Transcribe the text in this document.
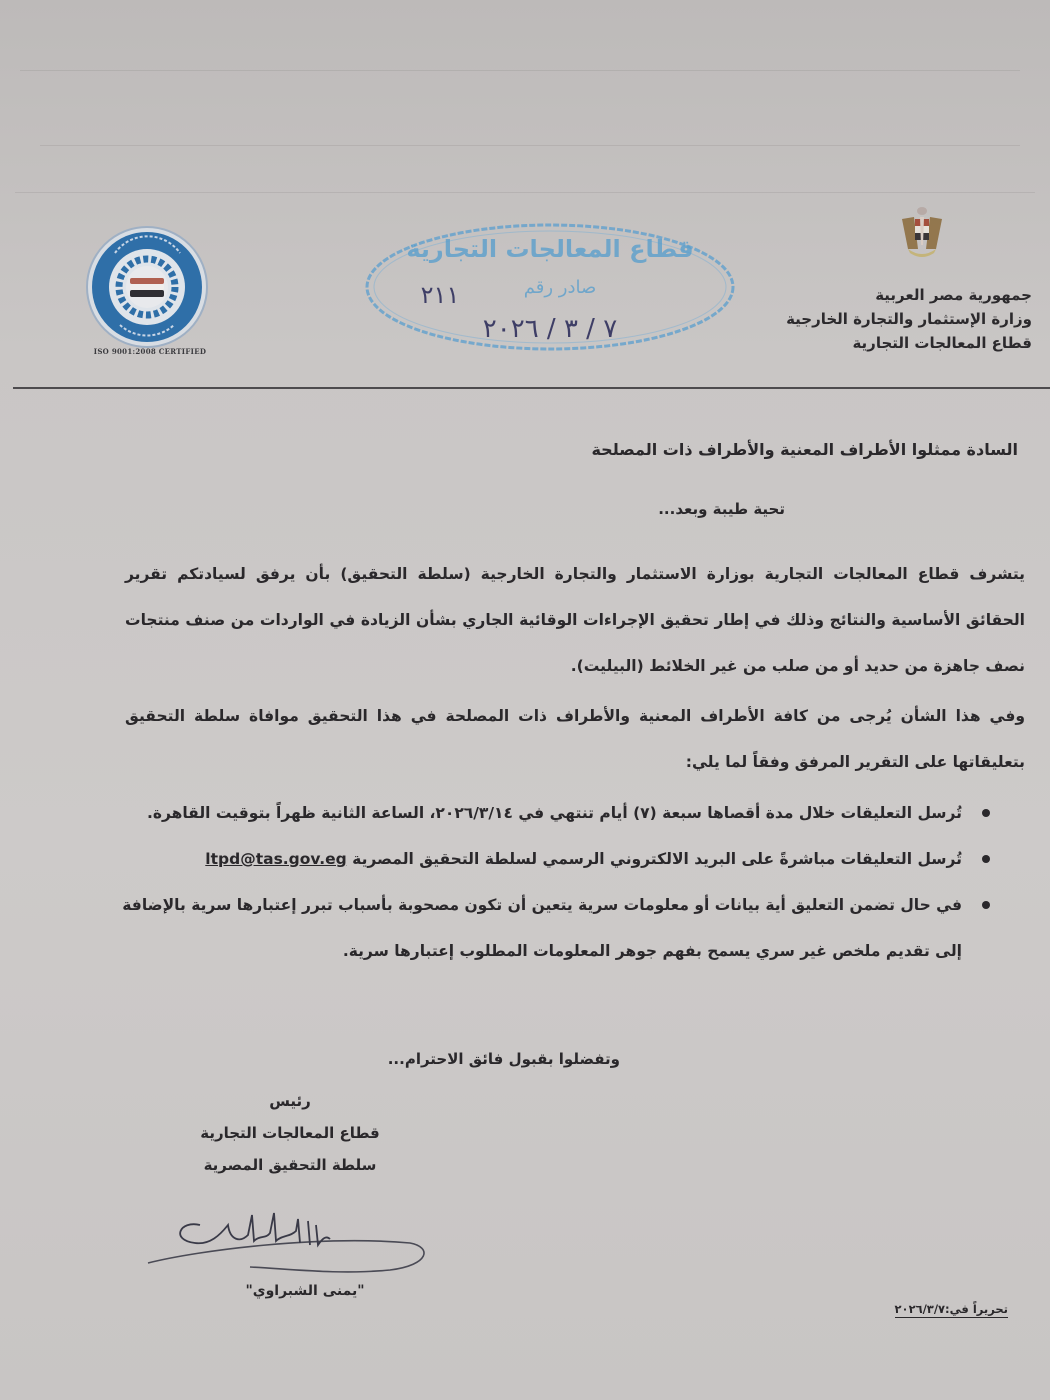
جمهورية مصر العربية
وزارة الإستثمار والتجارة الخارجية
قطاع المعالجات التجارية
ISO 9001:2008 CERTIFIED
قطاع المعالجات التجارية
صادر رقم
٢١١
٧ / ٣ / ٢٠٢٦
السادة ممثلوا الأطراف المعنية والأطراف ذات المصلحة
تحية طيبة وبعد...
يتشرف قطاع المعالجات التجارية بوزارة الاستثمار والتجارة الخارجية (سلطة التحقيق) بأن يرفق لسيادتكم تقرير الحقائق الأساسية والنتائج وذلك في إطار تحقيق الإجراءات الوقائية الجاري بشأن الزيادة في الواردات من صنف منتجات نصف جاهزة من حديد أو من صلب من غير الخلائط (البيليت).
وفي هذا الشأن يُرجى من كافة الأطراف المعنية والأطراف ذات المصلحة في هذا التحقيق موافاة سلطة التحقيق بتعليقاتها على التقرير المرفق وفقاً لما يلي:
تُرسل التعليقات خلال مدة أقصاها سبعة (٧) أيام تنتهي في ٢٠٢٦/٣/١٤، الساعة الثانية ظهراً بتوقيت القاهرة.
تُرسل التعليقات مباشرةً على البريد الالكتروني الرسمي لسلطة التحقيق المصرية ltpd@tas.gov.eg
في حال تضمن التعليق أية بيانات أو معلومات سرية يتعين أن تكون مصحوبة بأسباب تبرر إعتبارها سرية بالإضافة إلى تقديم ملخص غير سري يسمح بفهم جوهر المعلومات المطلوب إعتبارها سرية.
وتفضلوا بقبول فائق الاحترام...
رئيس
قطاع المعالجات التجارية
سلطة التحقيق المصرية
"يمنى الشبراوي"
تحريراً في:٢٠٢٦/٣/٧
